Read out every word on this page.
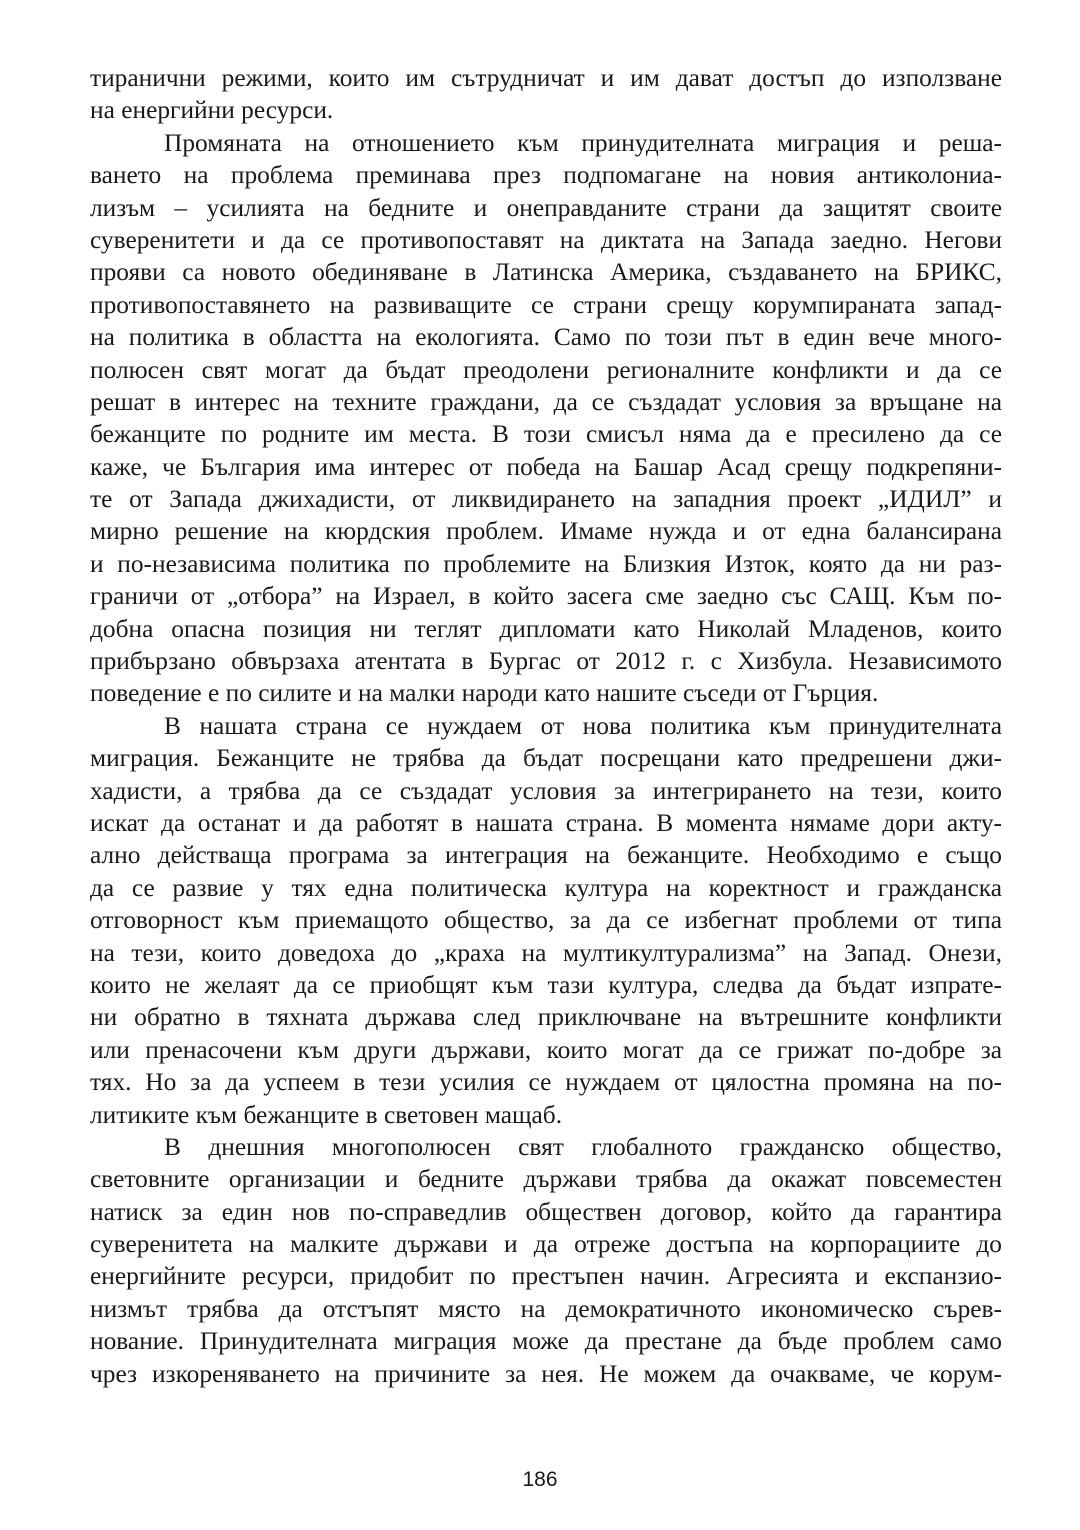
тиранични режими, които им сътрудничат и им дават достъп до използване
на енергийни ресурси.
Промяната на отношението към принудителната миграция и реша-
ването на проблема преминава през подпомагане на новия антиколониа-
лизъм – усилията на бедните и онеправданите страни да защитят своите
суверенитети и да се противопоставят на диктата на Запада заедно. Негови
прояви са новото обединяване в Латинска Америка, създаването на БРИКС,
противопоставянето на развиващите се страни срещу корумпираната запад-
на политика в областта на екологията. Само по този път в един вече много-
полюсен свят могат да бъдат преодолени регионалните конфликти и да се
решат в интерес на техните граждани, да се създадат условия за връщане на
бежанците по родните им места. В този смисъл няма да е пресилено да се
каже, че България има интерес от победа на Башар Асад срещу подкрепяни-
те от Запада джихадисти, от ликвидирането на западния проект „ИДИЛ” и
мирно решение на кюрдския проблем. Имаме нужда и от една балансирана
и по-независима политика по проблемите на Близкия Изток, която да ни раз-
граничи от „отбора” на Израел, в който засега сме заедно със САЩ. Към по-
добна опасна позиция ни теглят дипломати като Николай Младенов, които
прибързано обвързаха атентата в Бургас от 2012 г. с Хизбула. Независимото
поведение е по силите и на малки народи като нашите съседи от Гърция.
В нашата страна се нуждаем от нова политика към принудителната
миграция. Бежанците не трябва да бъдат посрещани като предрешени джи-
хадисти, а трябва да се създадат условия за интегрирането на тези, които
искат да останат и да работят в нашата страна. В момента нямаме дори акту-
ално действаща програма за интеграция на бежанците. Необходимо е също
да се развие у тях една политическа култура на коректност и гражданска
отговорност към приемащото общество, за да се избегнат проблеми от типа
на тези, които доведоха до „краха на мултикултурализма” на Запад. Онези,
които не желаят да се приобщят към тази култура, следва да бъдат изпрате-
ни обратно в тяхната държава след приключване на вътрешните конфликти
или пренасочени към други държави, които могат да се грижат по-добре за
тях. Но за да успеем в тези усилия се нуждаем от цялостна промяна на по-
литиките към бежанците в световен мащаб.
В днешния многополюсен свят глобалното гражданско общество,
световните организации и бедните държави трябва да окажат повсеместен
натиск за един нов по-справедлив обществен договор, който да гарантира
суверенитета на малките държави и да отреже достъпа на корпорациите до
енергийните ресурси, придобит по престъпен начин. Агресията и експанзио-
низмът трябва да отстъпят място на демократичното икономическо сърев-
нование. Принудителната миграция може да престане да бъде проблем само
чрез изкореняването на причините за нея. Не можем да очакваме, че корум-
186
